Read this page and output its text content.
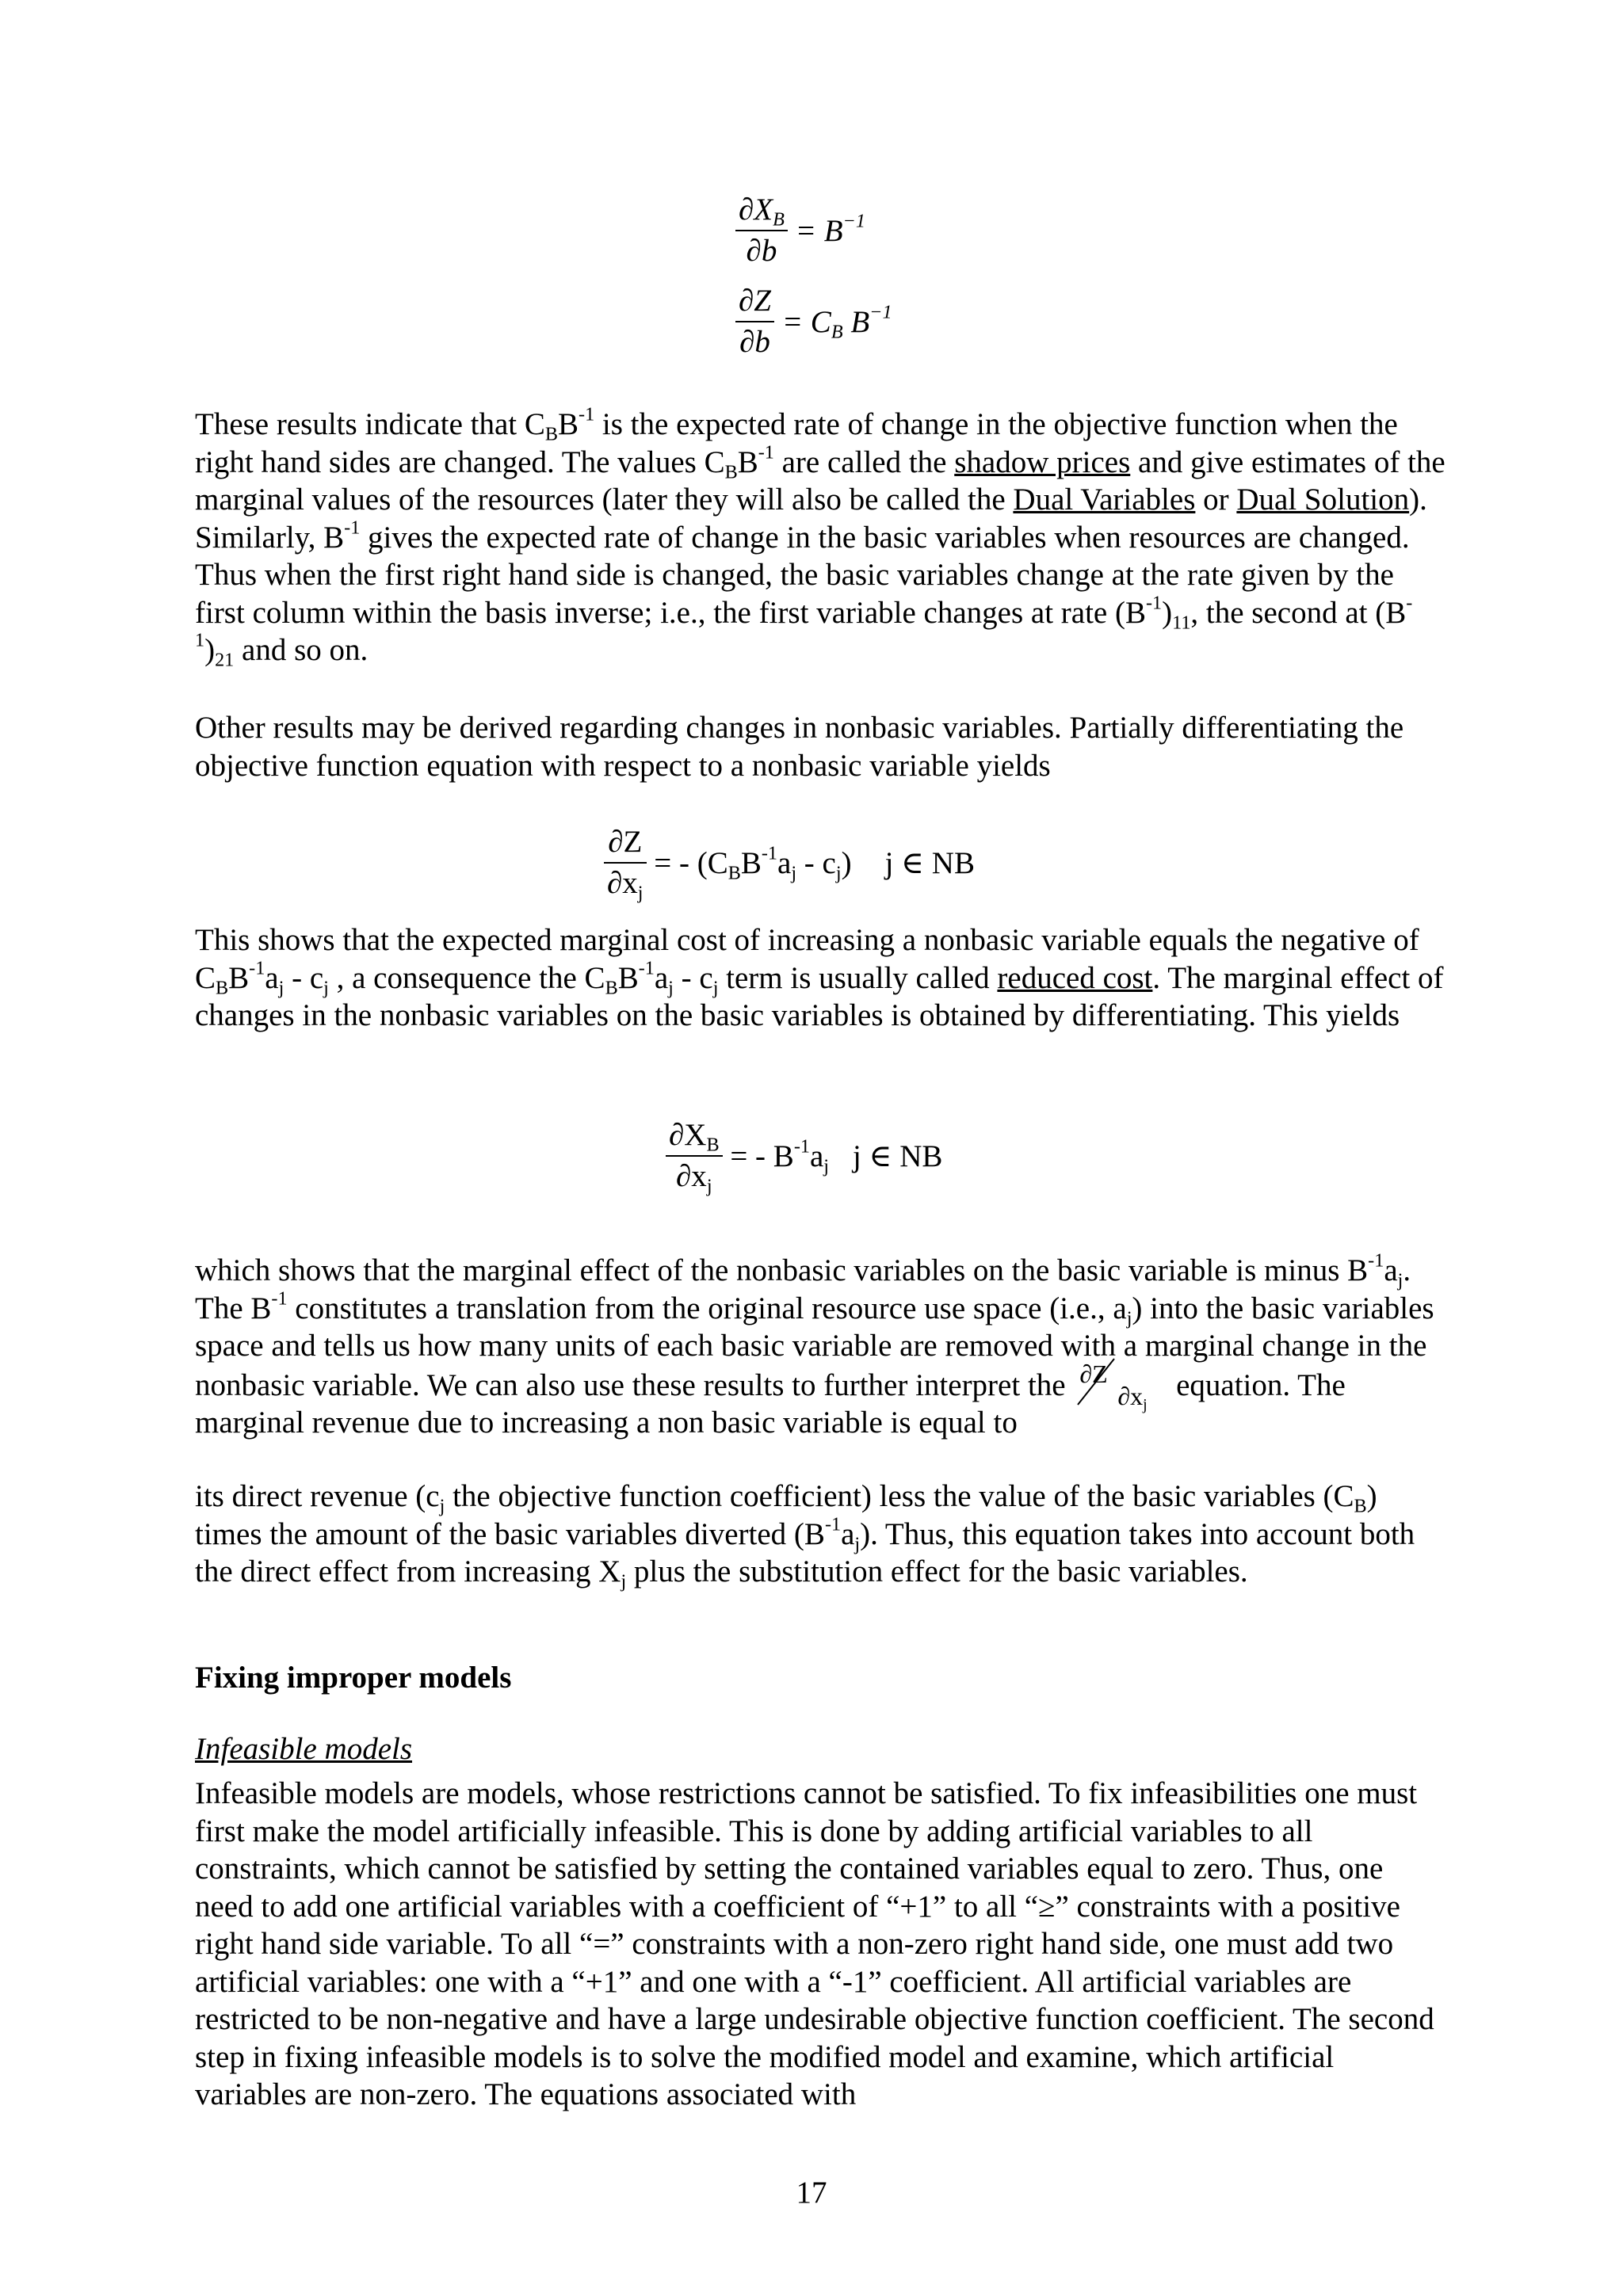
$\frac{\partial X_B}{\partial b} = B^{-1}$
$\frac{\partial Z}{\partial b} = C_B$ $B^{-1}$

These results indicate that $C_BB^{-1}$ is the expected rate of change in the objective function when the right hand sides are changed. The values $C_BB^{-1}$ are called the shadow prices and give estimates of the marginal values of the resources (later they will also be called the Dual Variables or Dual Solution). Similarly, $B^{-1}$ gives the expected rate of change in the basic variables when resources are changed. Thus when the first right hand side is changed, the basic variables change at the rate given by the first column within the basis inverse; i.e., the first variable changes at rate $(B^{-1})_{11}$, the second at $(B^{-1})_{21}$ and so on.

Other results may be derived regarding changes in nonbasic variables. Partially differentiating the objective function equation with respect to a nonbasic variable yields

$\frac{\partial Z}{\partial x_j}$ = - $(C_BB^{-1}a_j - c_j)$ j ∈ NB

This shows that the expected marginal cost of increasing a nonbasic variable equals the negative of $C_BB^{-1}a_j - c_j$ , a consequence the $C_BB^{-1}a_j - c_j$ term is usually called reduced cost. The marginal effect of changes in the nonbasic variables on the basic variables is obtained by differentiating. This yields

$\frac{\partial X_B}{\partial x_j}$ = - $B^{-1}a_j$ j ∈ NB

which shows that the marginal effect of the nonbasic variables on the basic variable is minus $B^{-1}a_j$. The $B^{-1}$ constitutes a translation from the original resource use space (i.e., $a_j$) into the basic variables space and tells us how many units of each basic variable are removed with a marginal change in the nonbasic variable. We can also use these results to further interpret the ∂Z
$\partial x_j$
equation. The marginal revenue due to increasing a non basic variable is equal to

its direct revenue ($c_j$ the objective function coefficient) less the value of the basic variables $(C_B)$ times the amount of the basic variables diverted $(B^{-1}a_j)$. Thus, this equation takes into account both the direct effect from increasing $X_j$ plus the substitution effect for the basic variables.

Fixing improper models

Infeasible models

Infeasible models are models, whose restrictions cannot be satisfied. To fix infeasibilities one must first make the model artificially infeasible. This is done by adding artificial variables to all constraints, which cannot be satisfied by setting the contained variables equal to zero. Thus, one need to add one artificial variables with a coefficient of “+1” to all “≥” constraints with a positive right hand side variable. To all “=” constraints with a non-zero right hand side, one must add two artificial variables: one with a “+1” and one with a “-1” coefficient. All artificial variables are restricted to be non-negative and have a large undesirable objective function coefficient. The second step in fixing infeasible models is to solve the modified model and examine, which artificial variables are non-zero. The equations associated with

17
